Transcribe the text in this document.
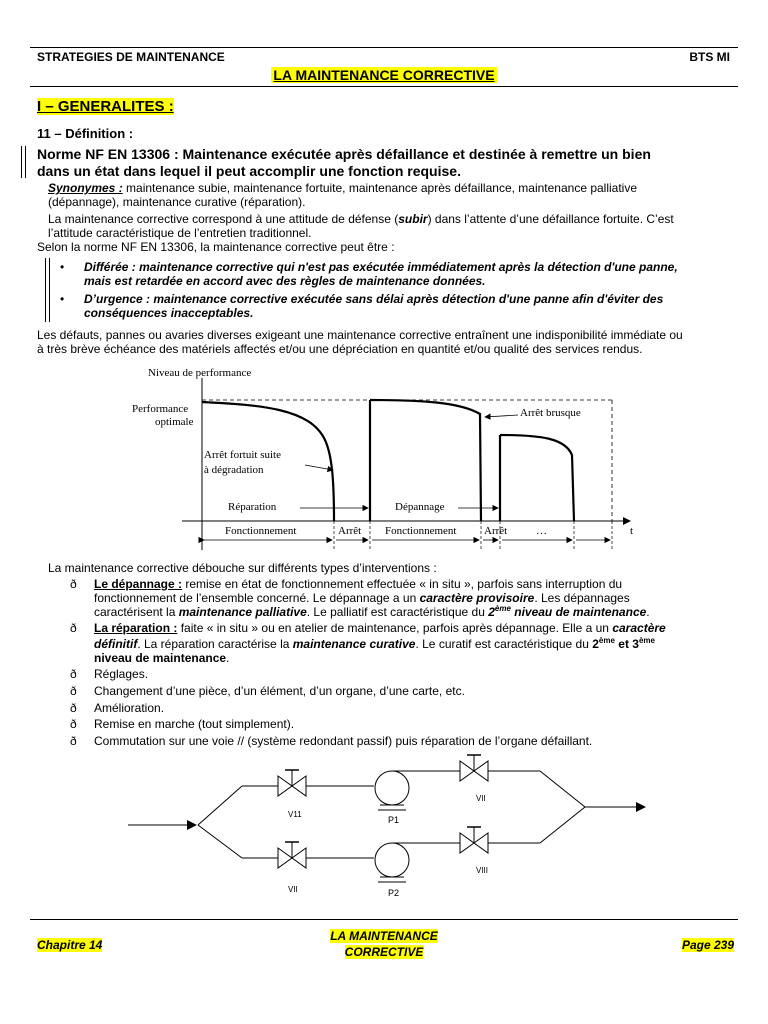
STRATEGIES DE MAINTENANCE	BTS MI
LA MAINTENANCE CORRECTIVE
I – GENERALITES :
11 – Définition :
Norme NF EN 13306 : Maintenance exécutée après défaillance et destinée à remettre un bien
dans un état dans lequel il peut accomplir une fonction requise.
Synonymes : maintenance subie, maintenance fortuite, maintenance après défaillance, maintenance palliative
(dépannage), maintenance curative (réparation).
La maintenance corrective correspond à une attitude de défense (subir) dans l’attente d’une défaillance fortuite. C’est
l’attitude caractéristique de l’entretien traditionnel.
Selon la norme NF EN 13306, la maintenance corrective peut être :
• Différée : maintenance corrective qui n'est pas exécutée immédiatement après la détection d'une panne,
mais est retardée en accord avec des règles de maintenance données.
• D’urgence : maintenance corrective exécutée sans délai après détection d'une panne afin d'éviter des
conséquences inacceptables.
Les défauts, pannes ou avaries diverses exigeant une maintenance corrective entraînent une indisponibilité immédiate ou
à très brève échéance des matériels affectés et/ou une dépréciation en quantité et/ou qualité des services rendus.
Niveau de performance
Performance
optimale
Arrêt brusque
Arrêt fortuit suite
à dégradation
Réparation	Dépannage
Fonctionnement	Arrêt Fonctionnement	Arrêt	…	t
La maintenance corrective débouche sur différents types d’interventions :
ð Le dépannage : remise en état de fonctionnement effectuée « in situ », parfois sans interruption du
fonctionnement de l’ensemble concerné. Le dépannage a un caractère provisoire. Les dépannages
caractérisent la maintenance palliative. Le palliatif est caractéristique du 2ème niveau de maintenance.
ð La réparation : faite « in situ » ou en atelier de maintenance, parfois après dépannage. Elle a un caractère
définitif. La réparation caractérise la maintenance curative. Le curatif est caractéristique du 2ème et 3ème
niveau de maintenance.
ð Réglages.
ð Changement d’une pièce, d’un élément, d’un organe, d’une carte, etc.
ð Amélioration.
ð Remise en marche (tout simplement).
ð Commutation sur une voie // (système redondant passif) puis réparation de l’organe défaillant.
V11
P1
VII
VII	P2
VIII
Chapitre 14
LA MAINTENANCE
CORRECTIVE	Page 239
